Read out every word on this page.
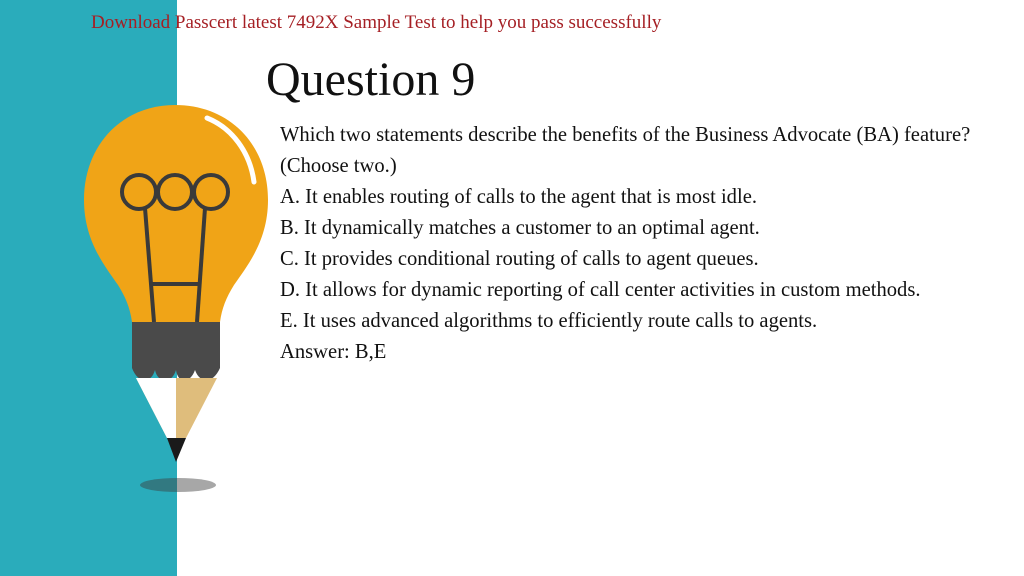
Download Passcert latest 7492X Sample Test to help you pass successfully
Question 9

Which two statements describe the benefits of the Business Advocate (BA) feature? (Choose two.)

A. It enables routing of calls to the agent that is most idle.

B. It dynamically matches a customer to an optimal agent.

C. It provides conditional routing of calls to agent queues.

D. It allows for dynamic reporting of call center activities in custom methods.

E. It uses advanced algorithms to efficiently route calls to agents.

Answer: B,E
